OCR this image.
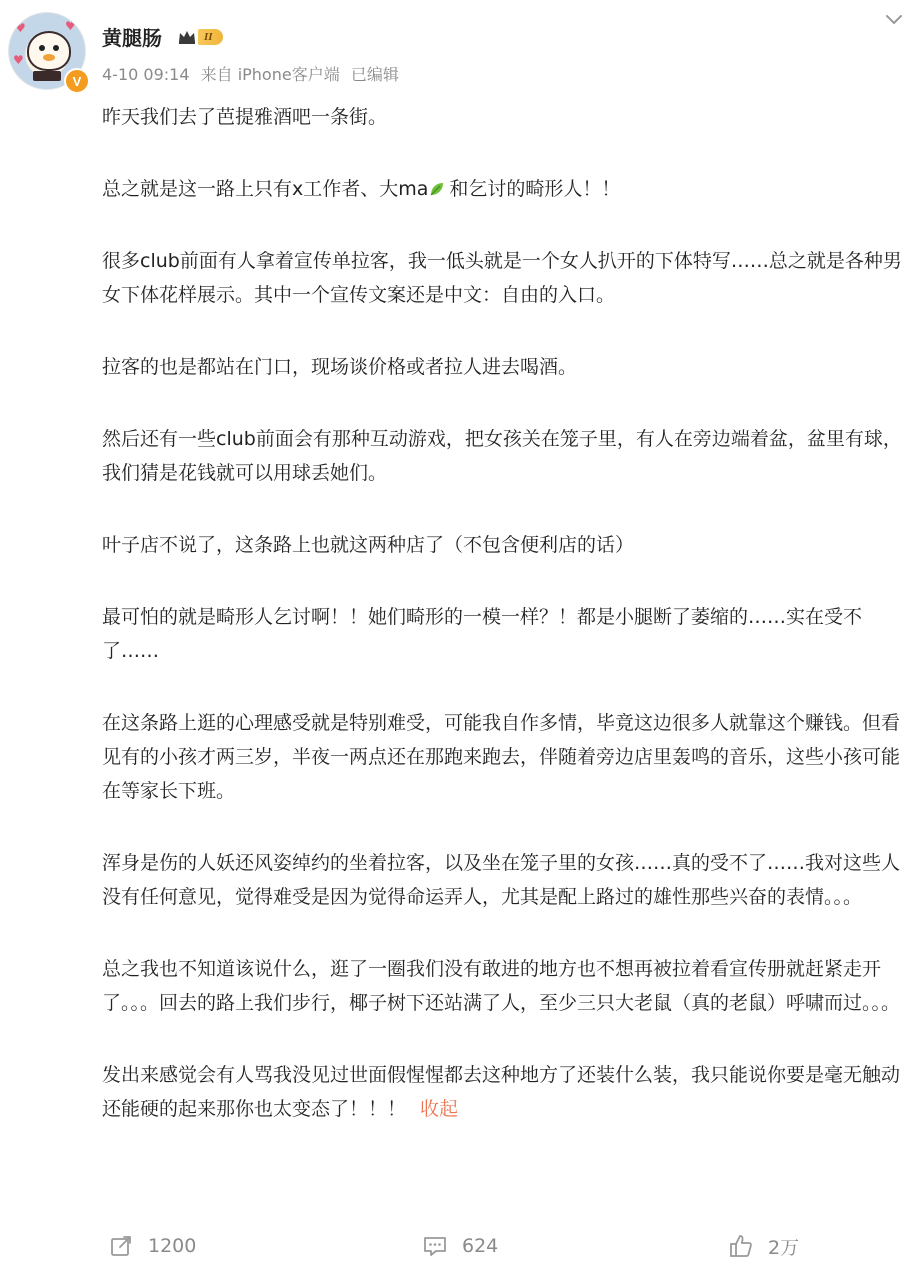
♥	♥
♥
V
黄腿肠	II
4-10 09:14 来自 iPhone客户端 已编辑

昨天我们去了芭提雅酒吧一条街。

总之就是这一路上只有x工作者、大ma 和乞讨的畸形人！！

很多club前面有人拿着宣传单拉客，我一低头就是一个女人扒开的下体特写……总之就是各种男女下体花样展示。其中一个宣传文案还是中文：自由的入口。

拉客的也是都站在门口，现场谈价格或者拉人进去喝酒。

然后还有一些club前面会有那种互动游戏，把女孩关在笼子里，有人在旁边端着盆，盆里有球，我们猜是花钱就可以用球丢她们。

叶子店不说了，这条路上也就这两种店了（不包含便利店的话）

最可怕的就是畸形人乞讨啊！！她们畸形的一模一样？！都是小腿断了萎缩的……实在受不了……

在这条路上逛的心理感受就是特别难受，可能我自作多情，毕竟这边很多人就靠这个赚钱。但看见有的小孩才两三岁，半夜一两点还在那跑来跑去，伴随着旁边店里轰鸣的音乐，这些小孩可能在等家长下班。

浑身是伤的人妖还风姿绰约的坐着拉客，以及坐在笼子里的女孩……真的受不了……我对这些人没有任何意见，觉得难受是因为觉得命运弄人，尤其是配上路过的雄性那些兴奋的表情。。。

总之我也不知道该说什么，逛了一圈我们没有敢进的地方也不想再被拉着看宣传册就赶紧走开了。。。回去的路上我们步行，椰子树下还站满了人，至少三只大老鼠（真的老鼠）呼啸而过。。。

发出来感觉会有人骂我没见过世面假惺惺都去这种地方了还装什么装，我只能说你要是毫无触动还能硬的起来那你也太变态了！！！ 收起

1200	624	2万
